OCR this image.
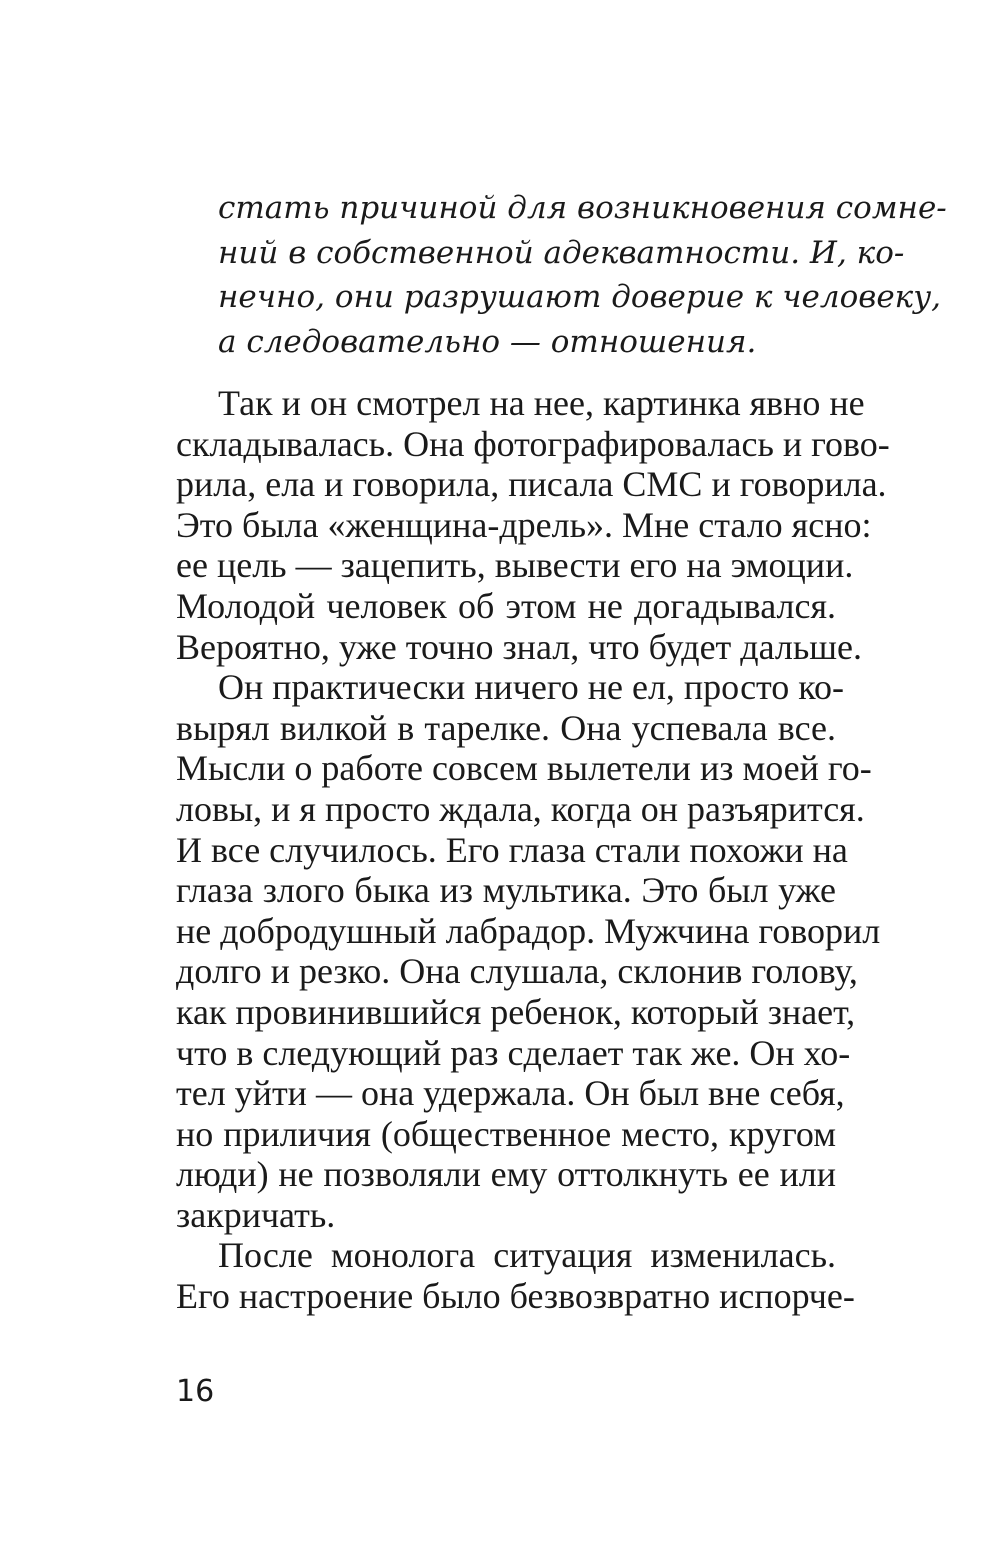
стать причиной для возникновения сомне-
ний в собственной адекватности. И, ко-
нечно, они разрушают доверие к человеку,
а следовательно — отношения.
Так и он смотрел на нее, картинка явно не
складывалась. Она фотографировалась и гово-
рила, ела и говорила, писала СМС и говорила.
Это была «женщина-дрель». Мне стало ясно:
ее цель — зацепить, вывести его на эмоции.
Молодой человек об этом не догадывался.
Вероятно, уже точно знал, что будет дальше.
Он практически ничего не ел, просто ко-
вырял вилкой в тарелке. Она успевала все.
Мысли о работе совсем вылетели из моей го-
ловы, и я просто ждала, когда он разъярится.
И все случилось. Его глаза стали похожи на
глаза злого быка из мультика. Это был уже
не добродушный лабрадор. Мужчина говорил
долго и резко. Она слушала, склонив голову,
как провинившийся ребенок, который знает,
что в следующий раз сделает так же. Он хо-
тел уйти — она удержала. Он был вне себя,
но приличия (общественное место, кругом
люди) не позволяли ему оттолкнуть ее или
закричать.
После монолога ситуация изменилась.
Его настроение было безвозвратно испорче-
16
